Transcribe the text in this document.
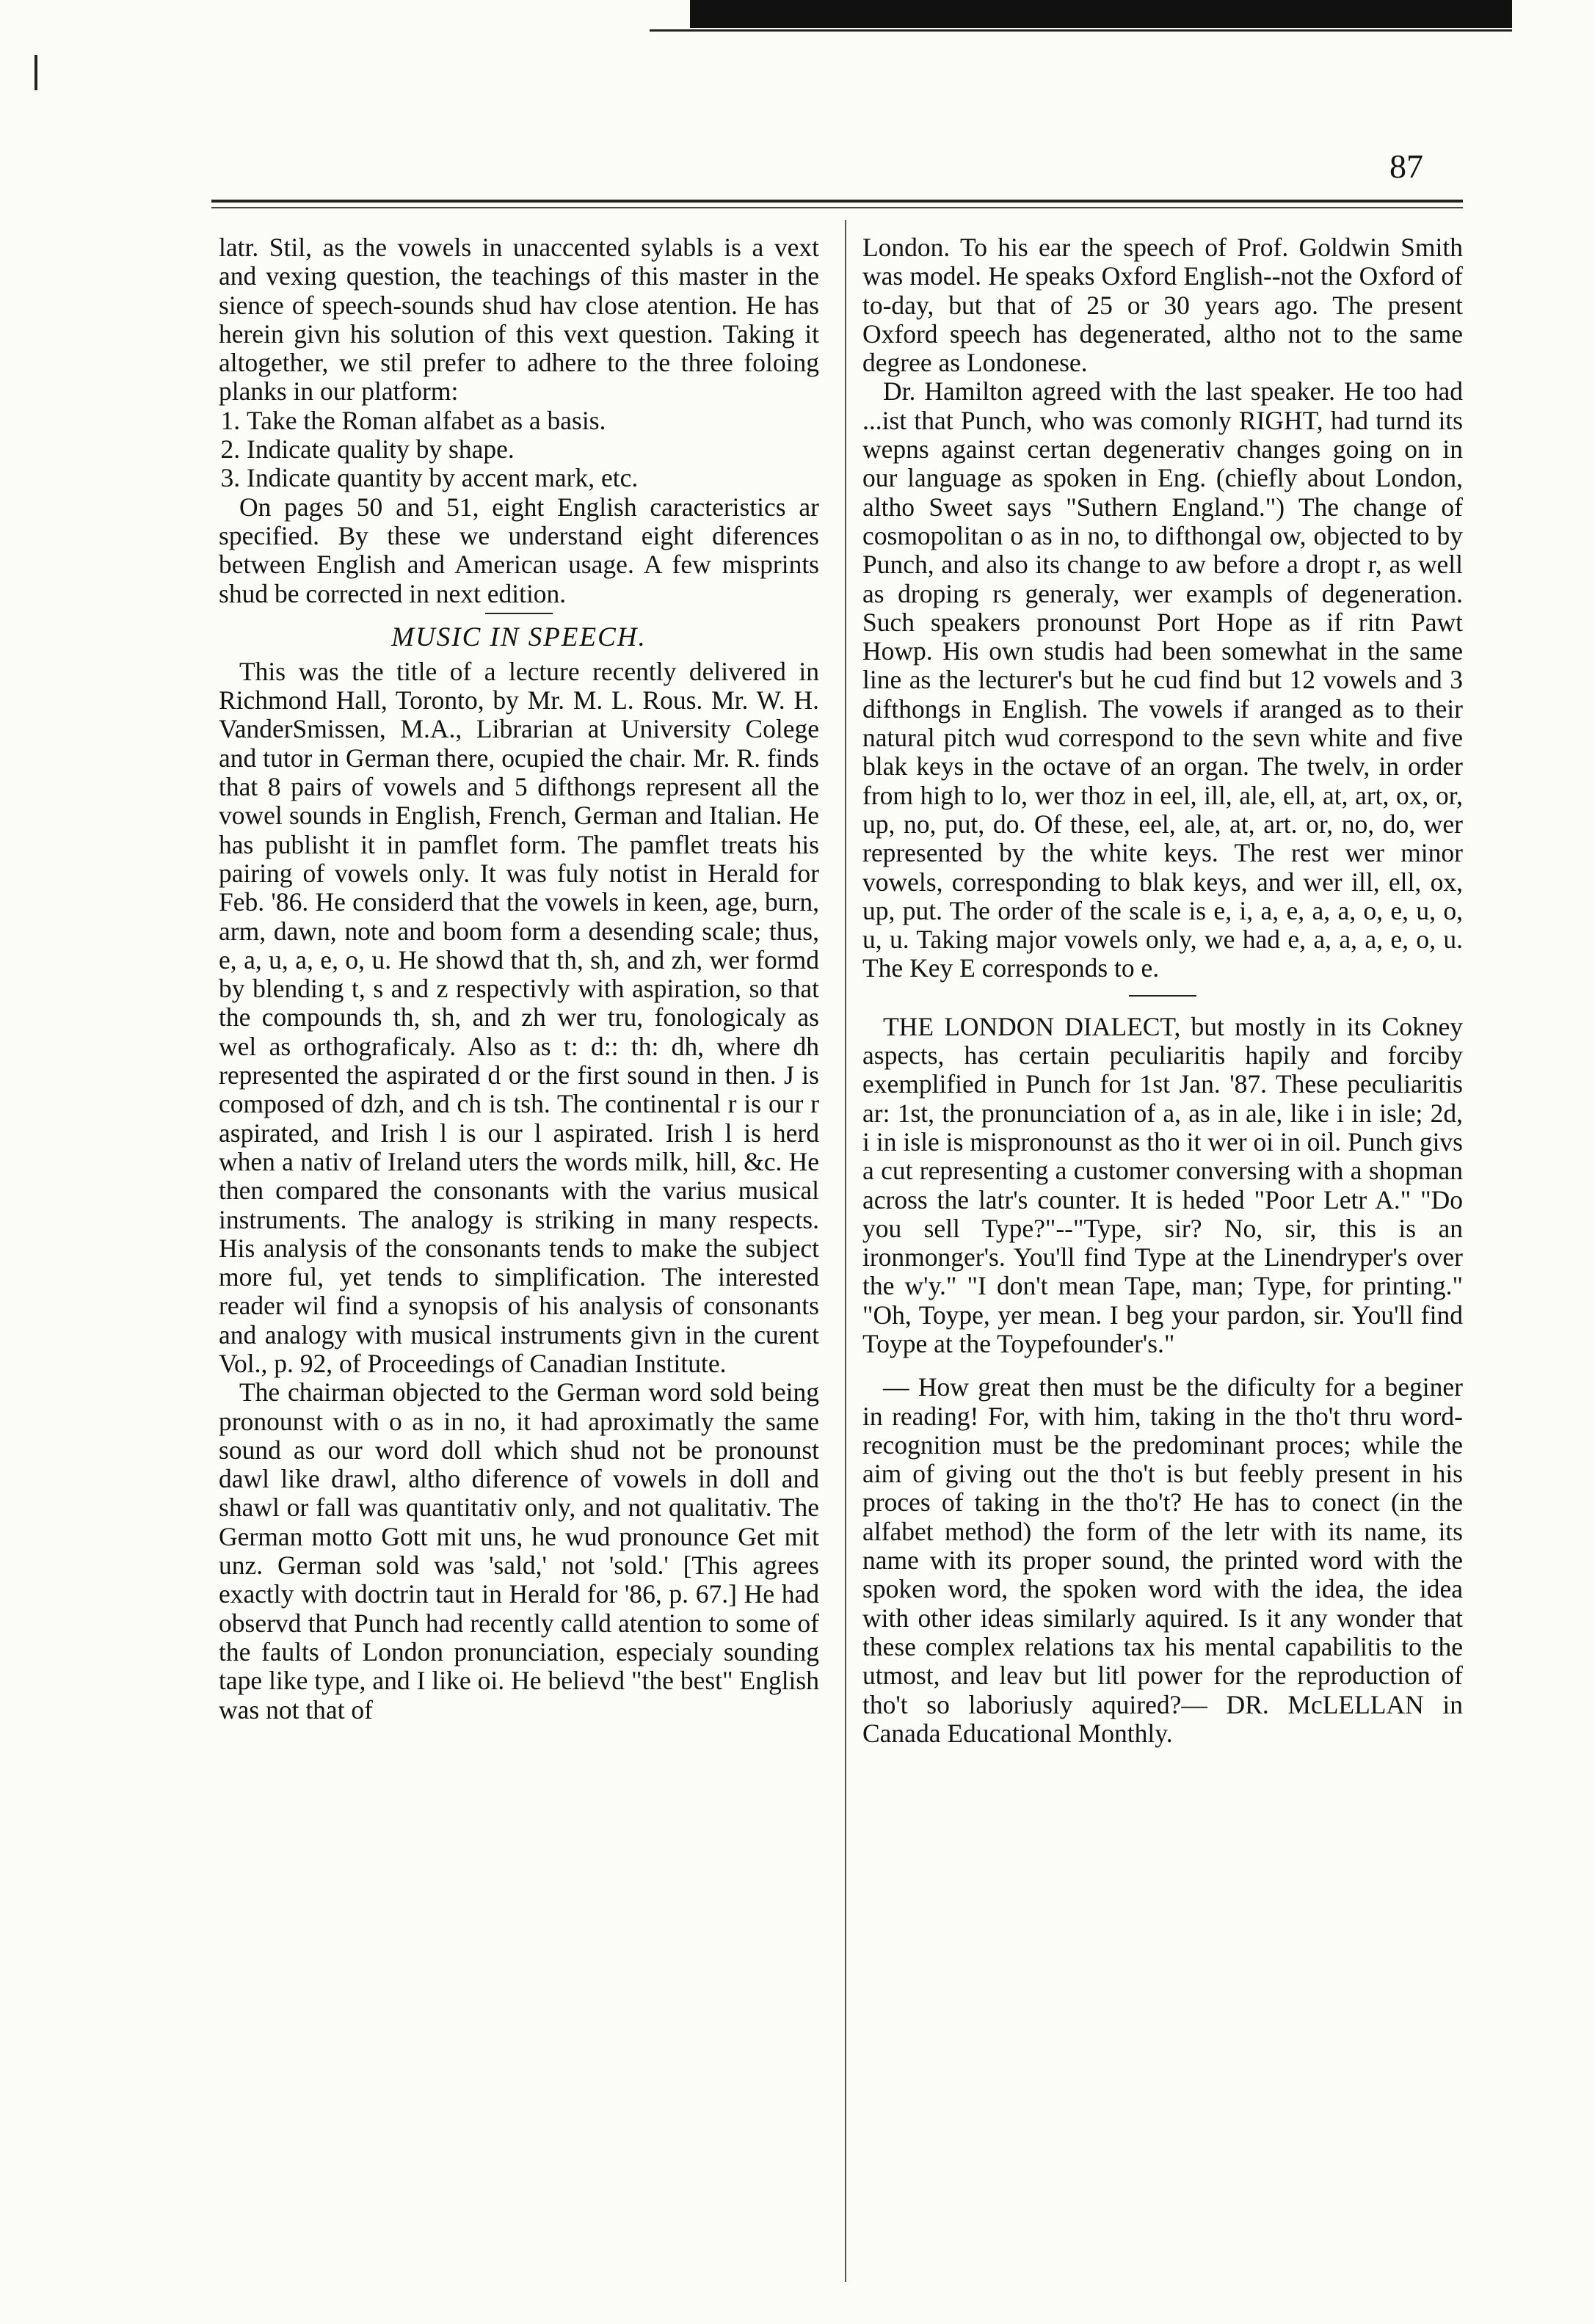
87

latr. Stil, as the vowels in unaccented sylabls is a vext and vexing question, the teachings of this master in the sience of speech-sounds shud hav close atention. He has herein givn his solution of this vext question. Taking it altogether, we stil prefer to adhere to the three foloing planks in our platform:

1. Take the Roman alfabet as a basis.
2. Indicate quality by shape.
3. Indicate quantity by accent mark, etc.

On pages 50 and 51, eight English caracteristics ar specified. By these we understand eight diferences between English and American usage. A few misprints shud be corrected in next edition.

MUSIC IN SPEECH.

This was the title of a lecture recently delivered in Richmond Hall, Toronto, by Mr. M. L. Rous. Mr. W. H. VanderSmissen, M.A., Librarian at University Colege and tutor in German there, ocupied the chair. Mr. R. finds that 8 pairs of vowels and 5 difthongs represent all the vowel sounds in English, French, German and Italian. He has publisht it in pamflet form. The pamflet treats his pairing of vowels only. It was fuly notist in Herald for Feb. '86. He considerd that the vowels in keen, age, burn, arm, dawn, note and boom form a desending scale; thus, e, a, u, a, e, o, u. He showd that th, sh, and zh, wer formd by blending t, s and z respectivly with aspiration, so that the compounds th, sh, and zh wer tru, fonologicaly as wel as orthograficaly. Also as t: d:: th: dh, where dh represented the aspirated d or the first sound in then. J is composed of dzh, and ch is tsh. The continental r is our r aspirated, and Irish l is our l aspirated. Irish l is herd when a nativ of Ireland uters the words milk, hill, &c. He then compared the consonants with the varius musical instruments. The analogy is striking in many respects. His analysis of the consonants tends to make the subject more ful, yet tends to simplification. The interested reader wil find a synopsis of his analysis of consonants and analogy with musical instruments givn in the curent Vol., p. 92, of Proceedings of Canadian Institute.

The chairman objected to the German word sold being pronounst with o as in no, it had aproximatly the same sound as our word doll which shud not be pronounst dawl like drawl, altho diference of vowels in doll and shawl or fall was quantitativ only, and not qualitativ. The German motto Gott mit uns, he wud pronounce Get mit unz. German sold was 'sald,' not 'sold.' [This agrees exactly with doctrin taut in Herald for '86, p. 67.] He had observd that Punch had recently calld atention to some of the faults of London pronunciation, especialy sounding tape like type, and I like oi. He believd "the best" English was not that of

London. To his ear the speech of Prof. Goldwin Smith was model. He speaks Oxford English--not the Oxford of to-day, but that of 25 or 30 years ago. The present Oxford speech has degenerated, altho not to the same degree as Londonese.

Dr. Hamilton agreed with the last speaker. He too had ...ist that Punch, who was comonly RIGHT, had turnd its wepns against certan degenerativ changes going on in our language as spoken in Eng. (chiefly about London, altho Sweet says "Suthern England.") The change of cosmopolitan o as in no, to difthongal ow, objected to by Punch, and also its change to aw before a dropt r, as well as droping rs generaly, wer exampls of degeneration. Such speakers pronounst Port Hope as if ritn Pawt Howp. His own studis had been somewhat in the same line as the lecturer's but he cud find but 12 vowels and 3 difthongs in English. The vowels if aranged as to their natural pitch wud correspond to the sevn white and five blak keys in the octave of an organ. The twelv, in order from high to lo, wer thoz in eel, ill, ale, ell, at, art, ox, or, up, no, put, do. Of these, eel, ale, at, art. or, no, do, wer represented by the white keys. The rest wer minor vowels, corresponding to blak keys, and wer ill, ell, ox, up, put. The order of the scale is e, i, a, e, a, a, o, e, u, o, u, u. Taking major vowels only, we had e, a, a, a, e, o, u. The Key E corresponds to e.

THE LONDON DIALECT, but mostly in its Cokney aspects, has certain peculiaritis hapily and forciby exemplified in Punch for 1st Jan. '87. These peculiaritis ar: 1st, the pronunciation of a, as in ale, like i in isle; 2d, i in isle is mispronounst as tho it wer oi in oil. Punch givs a cut representing a customer conversing with a shopman across the latr's counter. It is heded "Poor Letr A." "Do you sell Type?"--"Type, sir? No, sir, this is an ironmonger's. You'll find Type at the Linendryper's over the w'y." "I don't mean Tape, man; Type, for printing." "Oh, Toype, yer mean. I beg your pardon, sir. You'll find Toype at the Toypefounder's."

— How great then must be the dificulty for a beginer in reading! For, with him, taking in the tho't thru word-recognition must be the predominant proces; while the aim of giving out the tho't is but feebly present in his proces of taking in the tho't? He has to conect (in the alfabet method) the form of the letr with its name, its name with its proper sound, the printed word with the spoken word, the spoken word with the idea, the idea with other ideas similarly aquired. Is it any wonder that these complex relations tax his mental capabilitis to the utmost, and leav but litl power for the reproduction of tho't so laboriusly aquired?— DR. McLELLAN in Canada Educational Monthly.
